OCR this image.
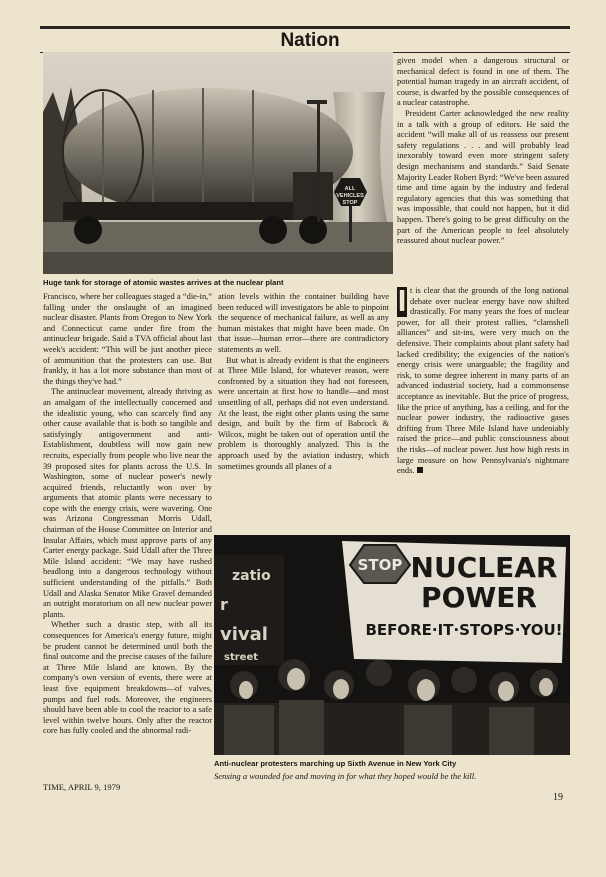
Nation
ALL
VEHICLES
STOP
Huge tank for storage of atomic wastes arrives at the nuclear plant

Francisco, where her colleagues staged a “die-in,” falling under the onslaught of an imagined nuclear disaster. Plants from Oregon to New York and Connecticut came under fire from the antinuclear brigade. Said a TVA official about last week's accident: “This will be just another piece of ammunition that the protesters can use. But frankly, it has a lot more substance than most of the things they've had.”

The antinuclear movement, already thriving as an amalgam of the intellectually concerned and the idealistic young, who can scarcely find any other cause available that is both so tangible and satisfyingly antigovernment and anti-Establishment, doubtless will now gain new recruits, especially from people who live near the 39 proposed sites for plants across the U.S. In Washington, some of nuclear power's newly acquired friends, reluctantly won over by arguments that atomic plants were necessary to cope with the energy crisis, were wavering. One was Arizona Congressman Morris Udall, chairman of the House Committee on Interior and Insular Affairs, which must approve parts of any Carter energy package. Said Udall after the Three Mile Island accident: “We may have rushed headlong into a dangerous technology without sufficient understanding of the pitfalls.” Both Udall and Alaska Senator Mike Gravel demanded an outright moratorium on all new nuclear power plants.

Whether such a drastic step, with all its consequences for America's energy future, might be prudent cannot be determined until both the final outcome and the precise causes of the failure at Three Mile Island are known. By the company's own version of events, there were at least five equipment breakdowns—of valves, pumps and fuel rods. Moreover, the engineers should have been able to cool the reactor to a safe level within twelve hours. Only after the reactor core has fully cooled and the abnormal radi-

ation levels within the container building have been reduced will investigators be able to pinpoint the sequence of mechanical failure, as well as any human mistakes that might have been made. On that issue—human error—there are contradictory statements as well.

But what is already evident is that the engineers at Three Mile Island, for whatever reason, were confronted by a situation they had not foreseen, were uncertain at first how to handle—and most unsettling of all, perhaps did not even understand. At the least, the eight other plants using the same design, and built by the firm of Babcock & Wilcox, might be taken out of operation until the problem is thoroughly analyzed. This is the approach used by the aviation industry, which sometimes grounds all planes of a

given model when a dangerous structural or mechanical defect is found in one of them. The potential human tragedy in an aircraft accident, of course, is dwarfed by the possible consequences of a nuclear catastrophe.

President Carter acknowledged the new reality in a talk with a group of editors. He said the accident “will make all of us reassess our present safety regulations . . . and will probably lead inexorably toward even more stringent safety design mechanisms and standards.” Said Senate Majority Leader Robert Byrd: “We've been assured time and time again by the industry and federal regulatory agencies that this was something that was impossible, that could not happen, but it did happen. There's going to be great difficulty on the part of the American people to feel absolutely reassured about nuclear power.”

I t is clear that the grounds of the long national debate over nuclear energy have now shifted drastically. For many years the foes of nuclear power, for all their protest rallies, “clamshell alliances” and sit-ins, were very much on the defensive. Their complaints about plant safety had lacked credibility; the exigencies of the nation's energy crisis were unarguable; the fragility and risk, to some degree inherent in many parts of an advanced industrial society, had a commonsense acceptance as inevitable. But the price of progress, like the price of anything, has a ceiling, and for the nuclear power industry, the radioactive gases drifting from Three Mile Island have undeniably raised the price—and public consciousness about the risks—of nuclear power. Just how high rests in large measure on how Pennsylvania's nightmare ends.
zatio
r
vival
street
STOP NUCLEAR
POWER
BEFORE·IT·STOPS·YOU!
Anti-nuclear protesters marching up Sixth Avenue in New York City
Sensing a wounded foe and moving in for what they hoped would be the kill.
TIME, APRIL 9, 1979
19
